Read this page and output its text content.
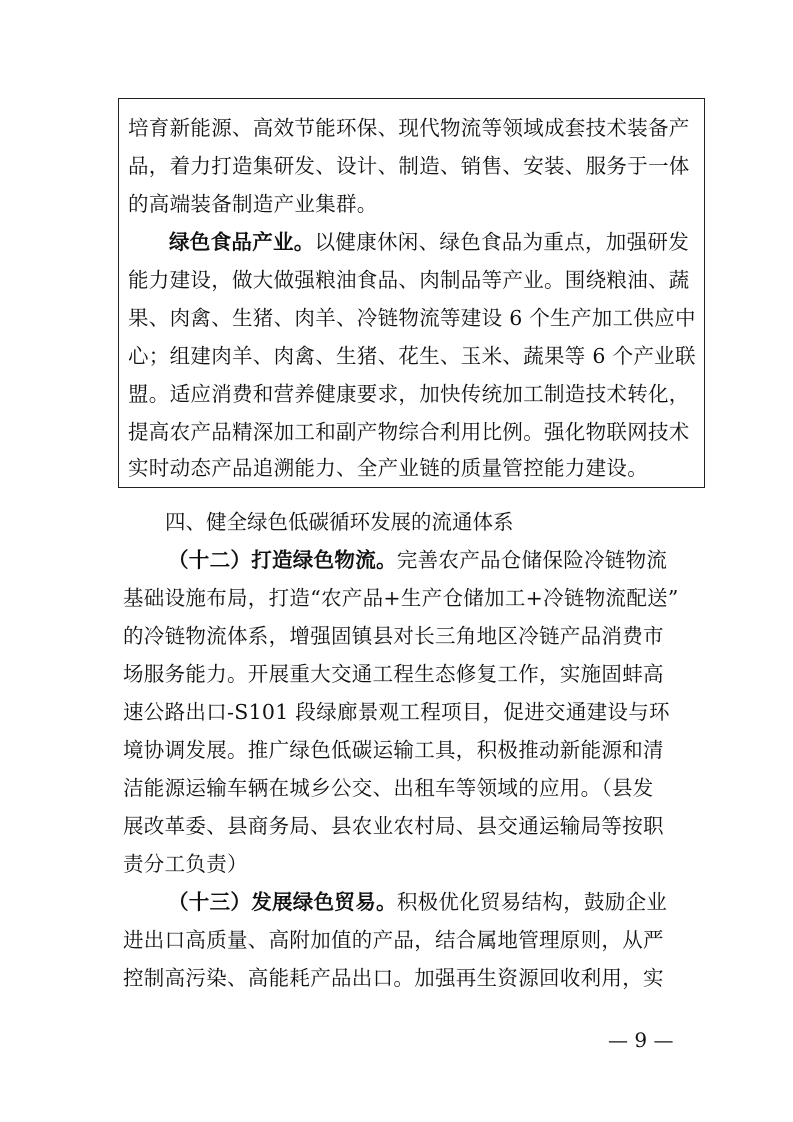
培育新能源、高效节能环保、现代物流等领域成套技术装备产
品，着力打造集研发、设计、制造、销售、安装、服务于一体
的高端装备制造产业集群。
绿色食品产业。以健康休闲、绿色食品为重点，加强研发
能力建设，做大做强粮油食品、肉制品等产业。围绕粮油、蔬
果、肉禽、生猪、肉羊、冷链物流等建设 6 个生产加工供应中
心；组建肉羊、肉禽、生猪、花生、玉米、蔬果等 6 个产业联
盟。适应消费和营养健康要求，加快传统加工制造技术转化，
提高农产品精深加工和副产物综合利用比例。强化物联网技术
实时动态产品追溯能力、全产业链的质量管控能力建设。
四、健全绿色低碳循环发展的流通体系
（十二）打造绿色物流。完善农产品仓储保险冷链物流
基础设施布局，打造“农产品+生产仓储加工+冷链物流配送”
的冷链物流体系，增强固镇县对长三角地区冷链产品消费市
场服务能力。开展重大交通工程生态修复工作，实施固蚌高
速公路出口-S101 段绿廊景观工程项目，促进交通建设与环
境协调发展。推广绿色低碳运输工具，积极推动新能源和清
洁能源运输车辆在城乡公交、出租车等领域的应用。（县发
展改革委、县商务局、县农业农村局、县交通运输局等按职
责分工负责）
（十三）发展绿色贸易。积极优化贸易结构，鼓励企业
进出口高质量、高附加值的产品，结合属地管理原则，从严
控制高污染、高能耗产品出口。加强再生资源回收利用，实
— 9 —
